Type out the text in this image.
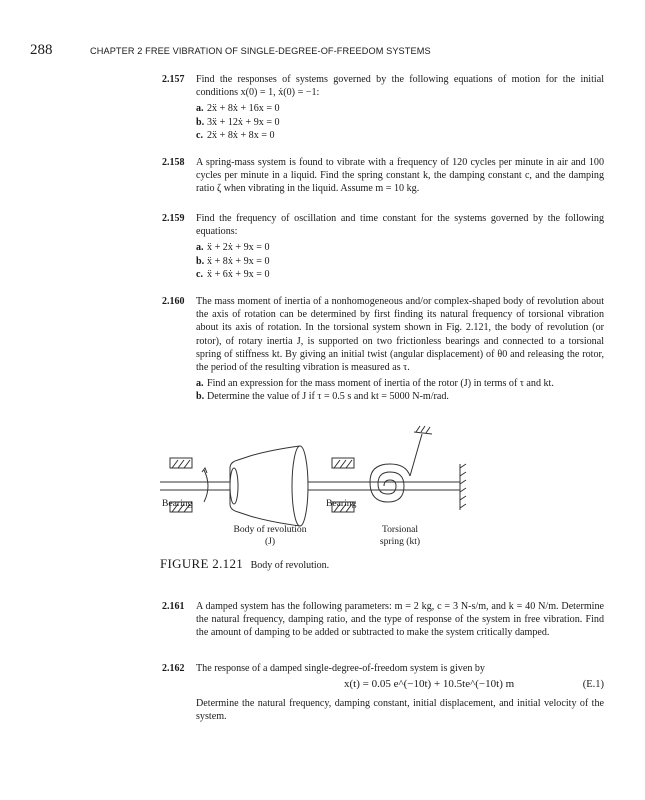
288	CHAPTER 2 FREE VIBRATION OF SINGLE-DEGREE-OF-FREEDOM SYSTEMS
2.157 Find the responses of systems governed by the following equations of motion for the initial conditions x(0) = 1, ẋ(0) = −1:
a. 2ẍ + 8ẋ + 16x = 0
b. 3ẍ + 12ẋ + 9x = 0
c. 2ẍ + 8ẋ + 8x = 0
2.158 A spring-mass system is found to vibrate with a frequency of 120 cycles per minute in air and 100 cycles per minute in a liquid. Find the spring constant k, the damping constant c, and the damping ratio ζ when vibrating in the liquid. Assume m = 10 kg.
2.159 Find the frequency of oscillation and time constant for the systems governed by the following equations:
a. ẍ + 2ẋ + 9x = 0
b. ẍ + 8ẋ + 9x = 0
c. ẍ + 6ẋ + 9x = 0
2.160 The mass moment of inertia of a nonhomogeneous and/or complex-shaped body of revolution about the axis of rotation can be determined by first finding its natural frequency of torsional vibration about its axis of rotation. In the torsional system shown in Fig. 2.121, the body of revolution (or rotor), of rotary inertia J, is supported on two frictionless bearings and connected to a torsional spring of stiffness kt. By giving an initial twist (angular displacement) of θ0 and releasing the rotor, the period of the resulting vibration is measured as τ.
a. Find an expression for the mass moment of inertia of the rotor (J) in terms of τ and kt.
b. Determine the value of J if τ = 0.5 s and kt = 5000 N-m/rad.
Bearing	Bearing
Body of revolution
(J)
Torsional
spring (kt)
FIGURE 2.121 Body of revolution.
2.161 A damped system has the following parameters: m = 2 kg, c = 3 N-s/m, and k = 40 N/m. Determine the natural frequency, damping ratio, and the type of response of the system in free vibration. Find the amount of damping to be added or subtracted to make the system critically damped.
2.162 The response of a damped single-degree-of-freedom system is given by
x(t) = 0.05 e^(−10t) + 10.5te^(−10t) m	(E.1)
Determine the natural frequency, damping constant, initial displacement, and initial velocity of the system.
